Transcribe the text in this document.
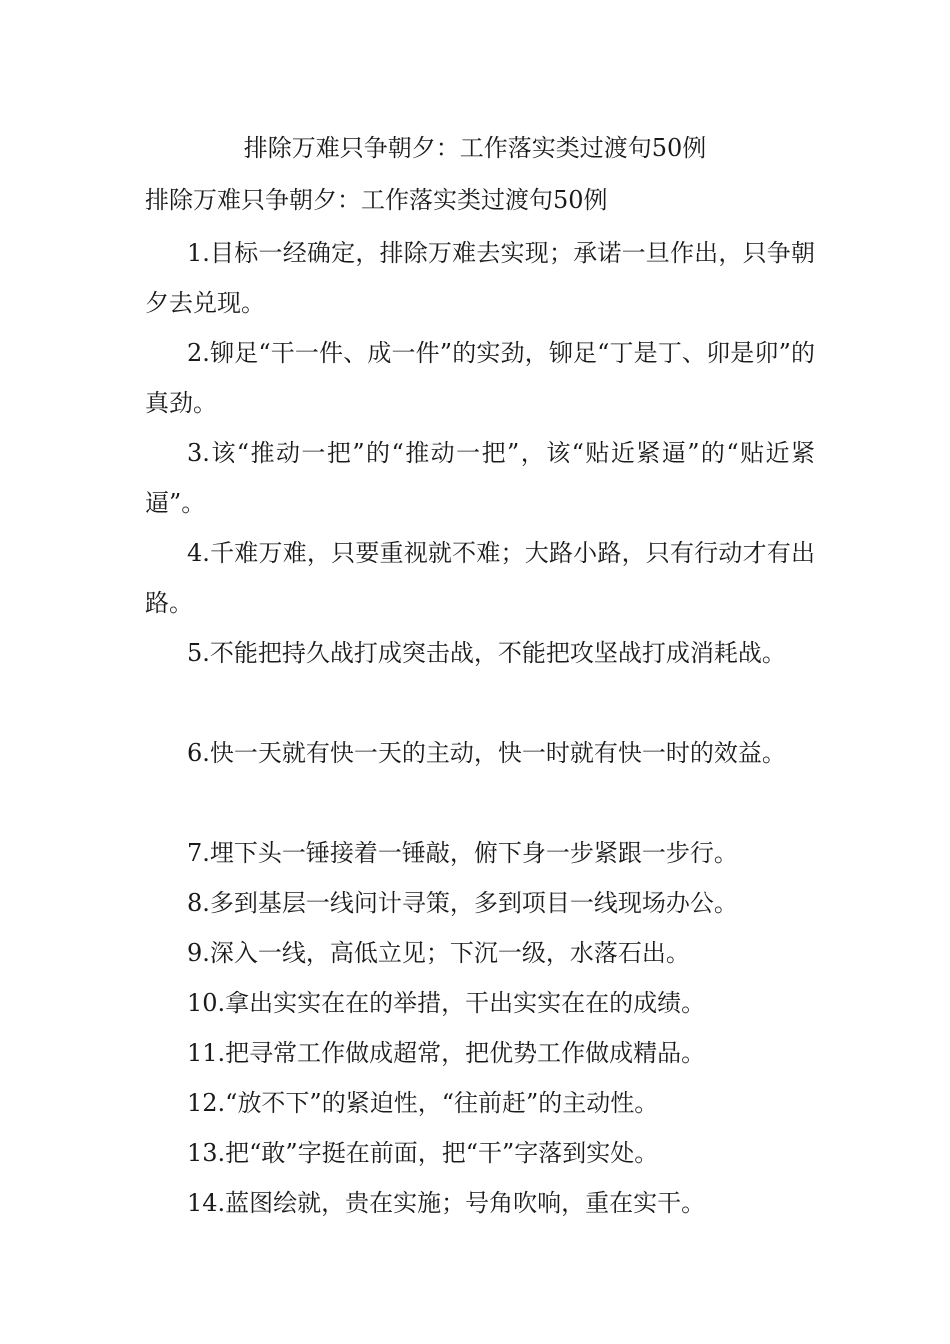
排除万难只争朝夕：工作落实类过渡句50例
排除万难只争朝夕：工作落实类过渡句50例

1.目标一经确定，排除万难去实现；承诺一旦作出，只争朝夕去兑现。

2.铆足“干一件、成一件”的实劲，铆足“丁是丁、卯是卯”的真劲。

3.该“推动一把”的“推动一把”，该“贴近紧逼”的“贴近紧逼”。

4.千难万难，只要重视就不难；大路小路，只有行动才有出路。

5.不能把持久战打成突击战，不能把攻坚战打成消耗战。

6.快一天就有快一天的主动，快一时就有快一时的效益。

7.埋下头一锤接着一锤敲，俯下身一步紧跟一步行。

8.多到基层一线问计寻策，多到项目一线现场办公。

9.深入一线，高低立见；下沉一级，水落石出。

10.拿出实实在在的举措，干出实实在在的成绩。

11.把寻常工作做成超常，把优势工作做成精品。

12.“放不下”的紧迫性，“往前赶”的主动性。

13.把“敢”字挺在前面，把“干”字落到实处。

14.蓝图绘就，贵在实施；号角吹响，重在实干。
